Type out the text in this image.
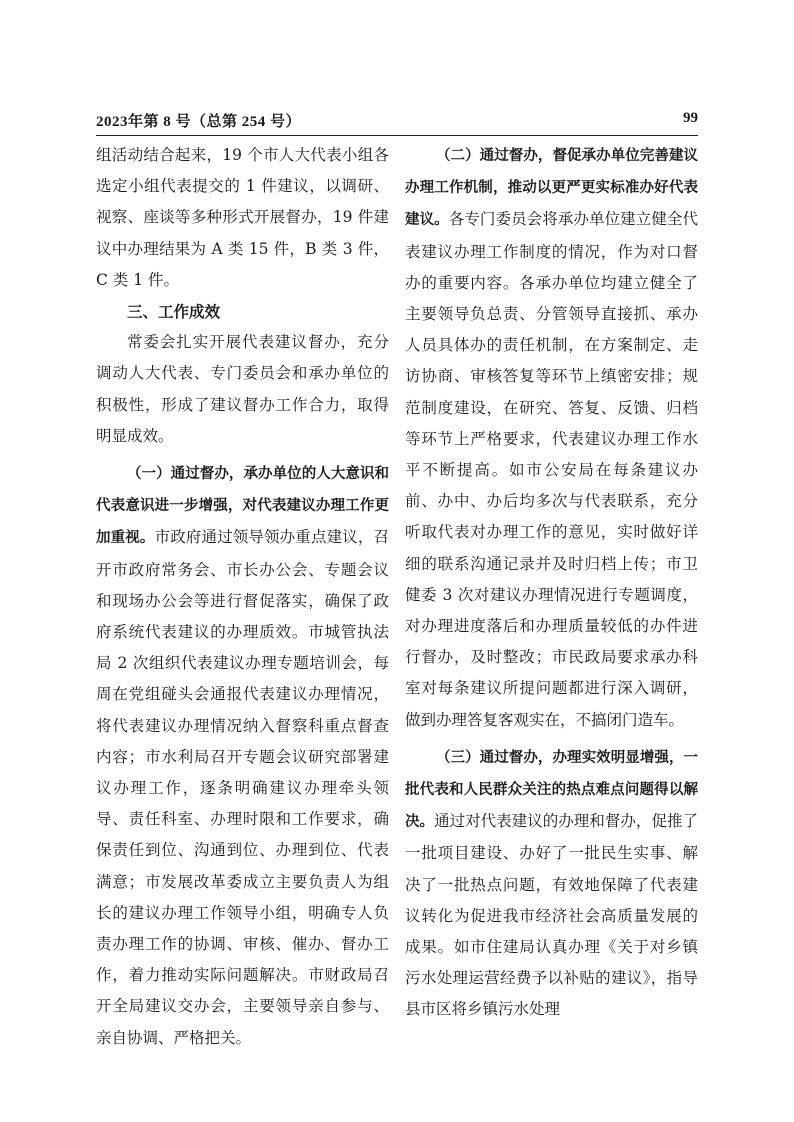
2023年第 8 号（总第 254 号）	99

组活动结合起来，19 个市人大代表小组各选定小组代表提交的 1 件建议，以调研、视察、座谈等多种形式开展督办，19 件建议中办理结果为 A 类 15 件，B 类 3 件，C 类 1 件。

三、工作成效

常委会扎实开展代表建议督办，充分调动人大代表、专门委员会和承办单位的积极性，形成了建议督办工作合力，取得明显成效。

（一）通过督办，承办单位的人大意识和代表意识进一步增强，对代表建议办理工作更加重视。市政府通过领导领办重点建议，召开市政府常务会、市长办公会、专题会议和现场办公会等进行督促落实，确保了政府系统代表建议的办理质效。市城管执法局 2 次组织代表建议办理专题培训会，每周在党组碰头会通报代表建议办理情况，将代表建议办理情况纳入督察科重点督查内容；市水利局召开专题会议研究部署建议办理工作，逐条明确建议办理牵头领导、责任科室、办理时限和工作要求，确保责任到位、沟通到位、办理到位、代表满意；市发展改革委成立主要负责人为组长的建议办理工作领导小组，明确专人负责办理工作的协调、审核、催办、督办工作，着力推动实际问题解决。市财政局召开全局建议交办会，主要领导亲自参与、亲自协调、严格把关。

（二）通过督办，督促承办单位完善建议办理工作机制，推动以更严更实标准办好代表建议。各专门委员会将承办单位建立健全代表建议办理工作制度的情况，作为对口督办的重要内容。各承办单位均建立健全了主要领导负总责、分管领导直接抓、承办人员具体办的责任机制，在方案制定、走访协商、审核答复等环节上缜密安排；规范制度建设，在研究、答复、反馈、归档等环节上严格要求，代表建议办理工作水平不断提高。如市公安局在每条建议办前、办中、办后均多次与代表联系，充分听取代表对办理工作的意见，实时做好详细的联系沟通记录并及时归档上传；市卫健委 3 次对建议办理情况进行专题调度，对办理进度落后和办理质量较低的办件进行督办，及时整改；市民政局要求承办科室对每条建议所提问题都进行深入调研，做到办理答复客观实在，不搞闭门造车。

（三）通过督办，办理实效明显增强，一批代表和人民群众关注的热点难点问题得以解决。通过对代表建议的办理和督办，促推了一批项目建设、办好了一批民生实事、解决了一批热点问题，有效地保障了代表建议转化为促进我市经济社会高质量发展的成果。如市住建局认真办理《关于对乡镇污水处理运营经费予以补贴的建议》，指导县市区将乡镇污水处理
